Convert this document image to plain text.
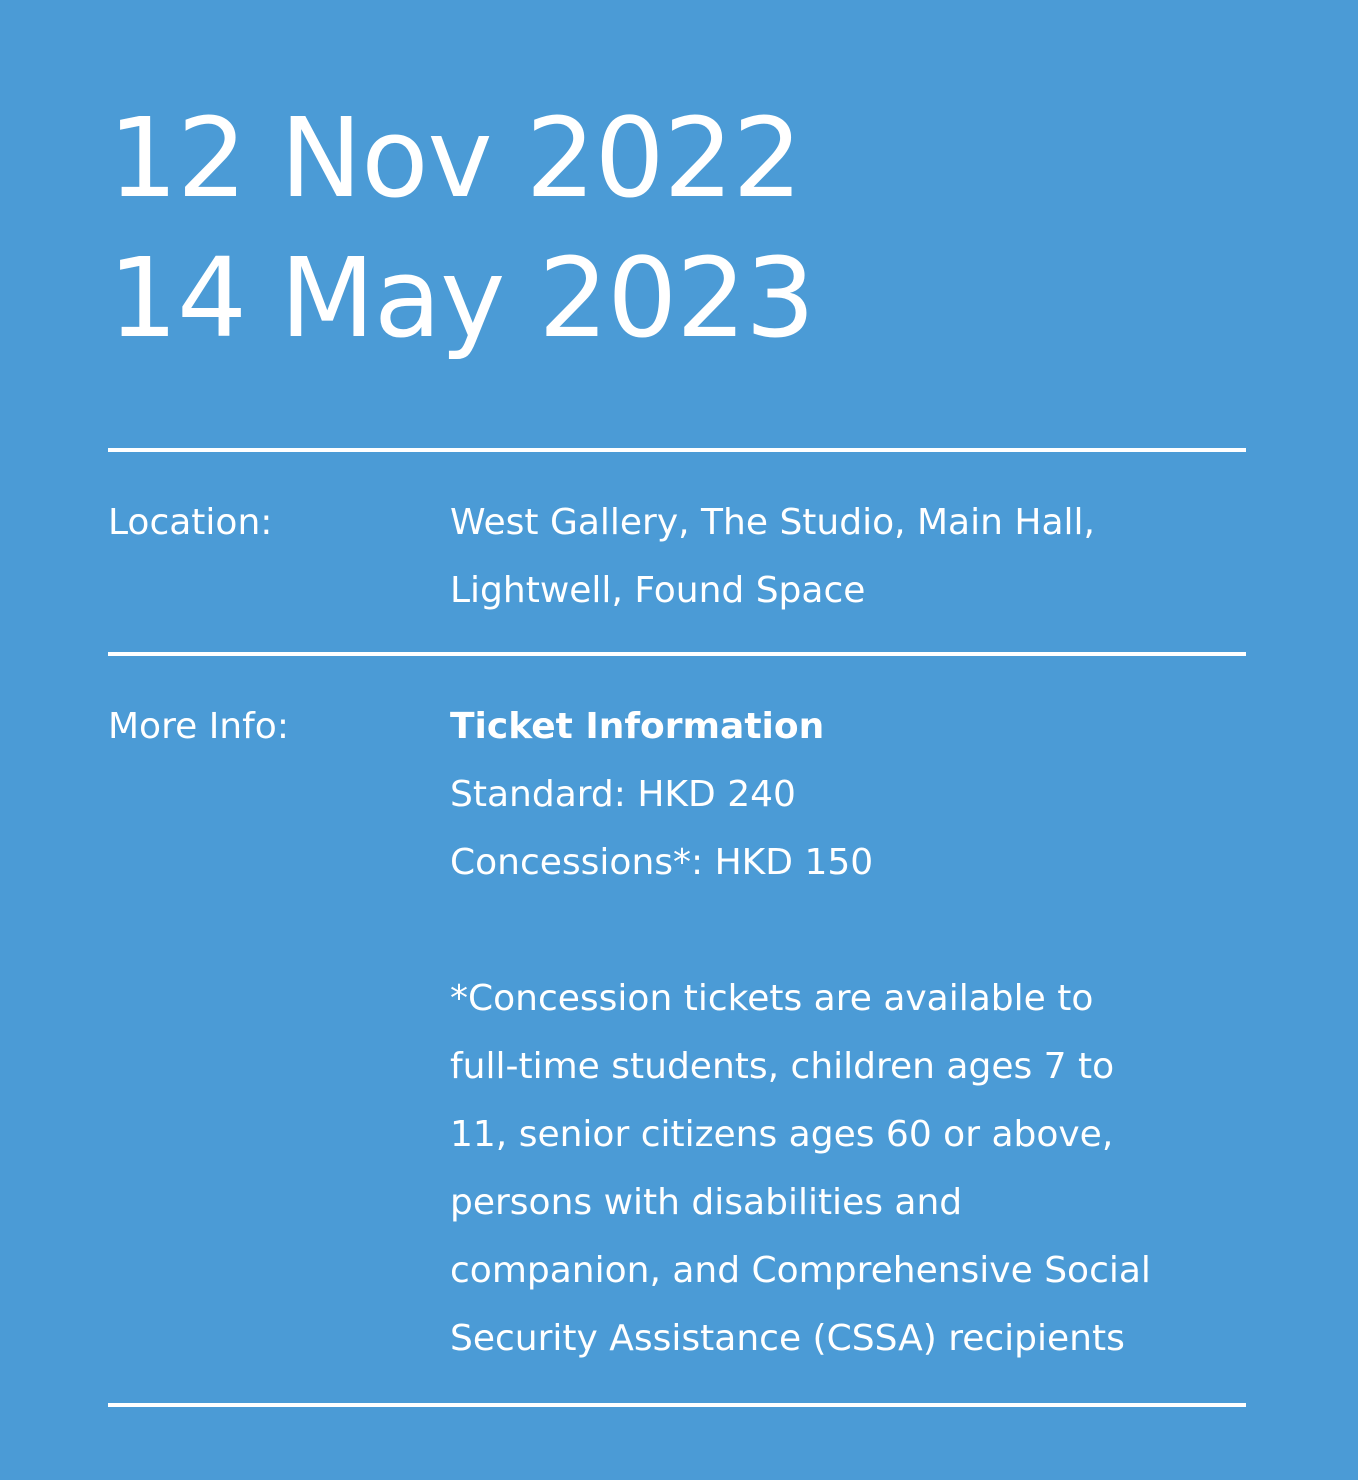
12 Nov 2022
14 May 2023
Location:	West Gallery, The Studio, Main Hall,
Lightwell, Found Space
More Info:	Ticket Information
Standard: HKD 240
Concessions*: HKD 150
*Concession tickets are available to
full-time students, children ages 7 to
11, senior citizens ages 60 or above,
persons with disabilities and
companion, and Comprehensive Social
Security Assistance (CSSA) recipients
